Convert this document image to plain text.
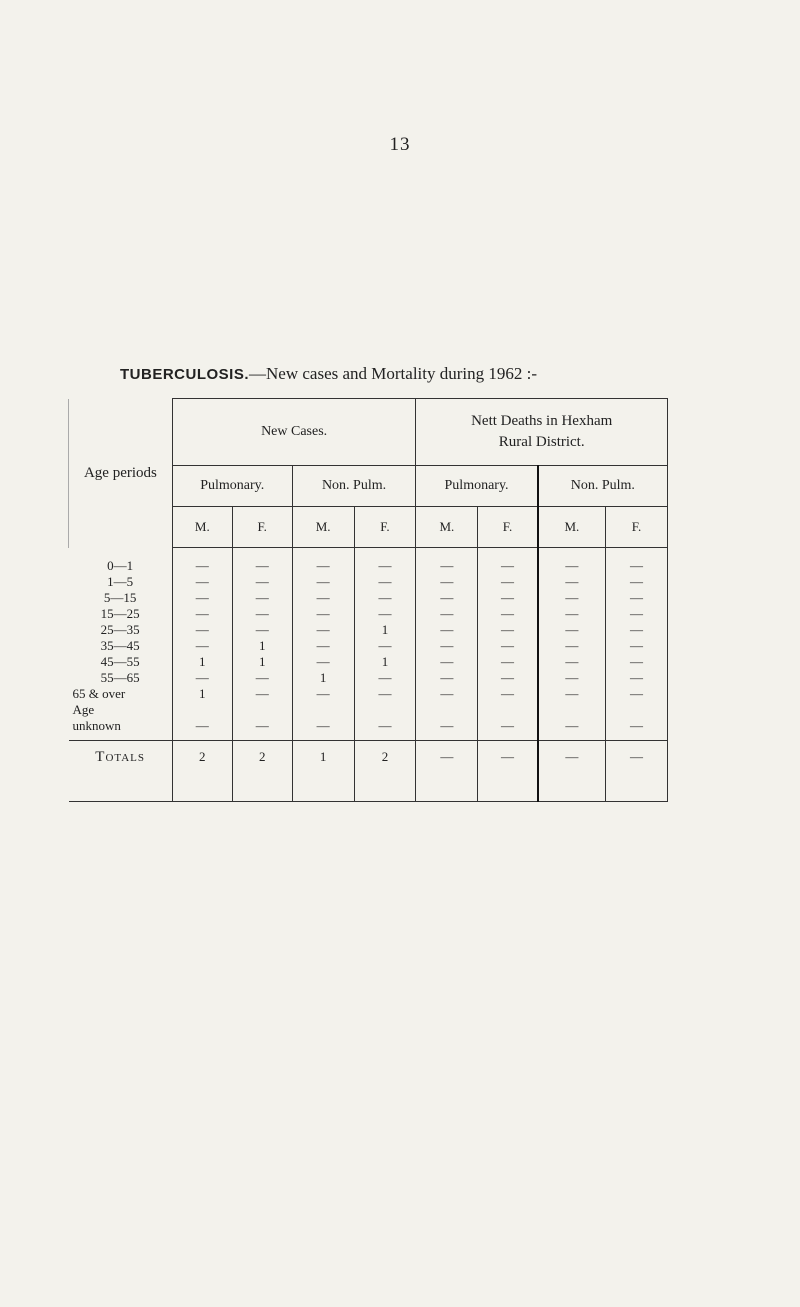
13
TUBERCULOSIS.—New cases and Mortality during 1962 :-
Age periods	New Cases.				Nett Deaths in Hexham
Rural District.			

	Pulmonary.		Non. Pulm.		Pulmonary.		Non. Pulm.	
	M.	F.	M.	F.	M.	F.	M.	F.
0—1	—	—	—	—	—	—	—	—
1—5	—	—	—	—	—	—	—	—
5—15	—	—	—	—	—	—	—	—
15—25	—	—	—	—	—	—	—	—
25—35	—	—	—	1	—	—	—	—
35—45	—	1	—	—	—	—	—	—
45—55	1	1	—	1	—	—	—	—
55—65	—	—	1	—	—	—	—	—
65 & over	1	—	—	—	—	—	—	—

Age
unknown	—	—	—	—	—	—	—	—
Totals	2	2	1	2	—	—	—	—
